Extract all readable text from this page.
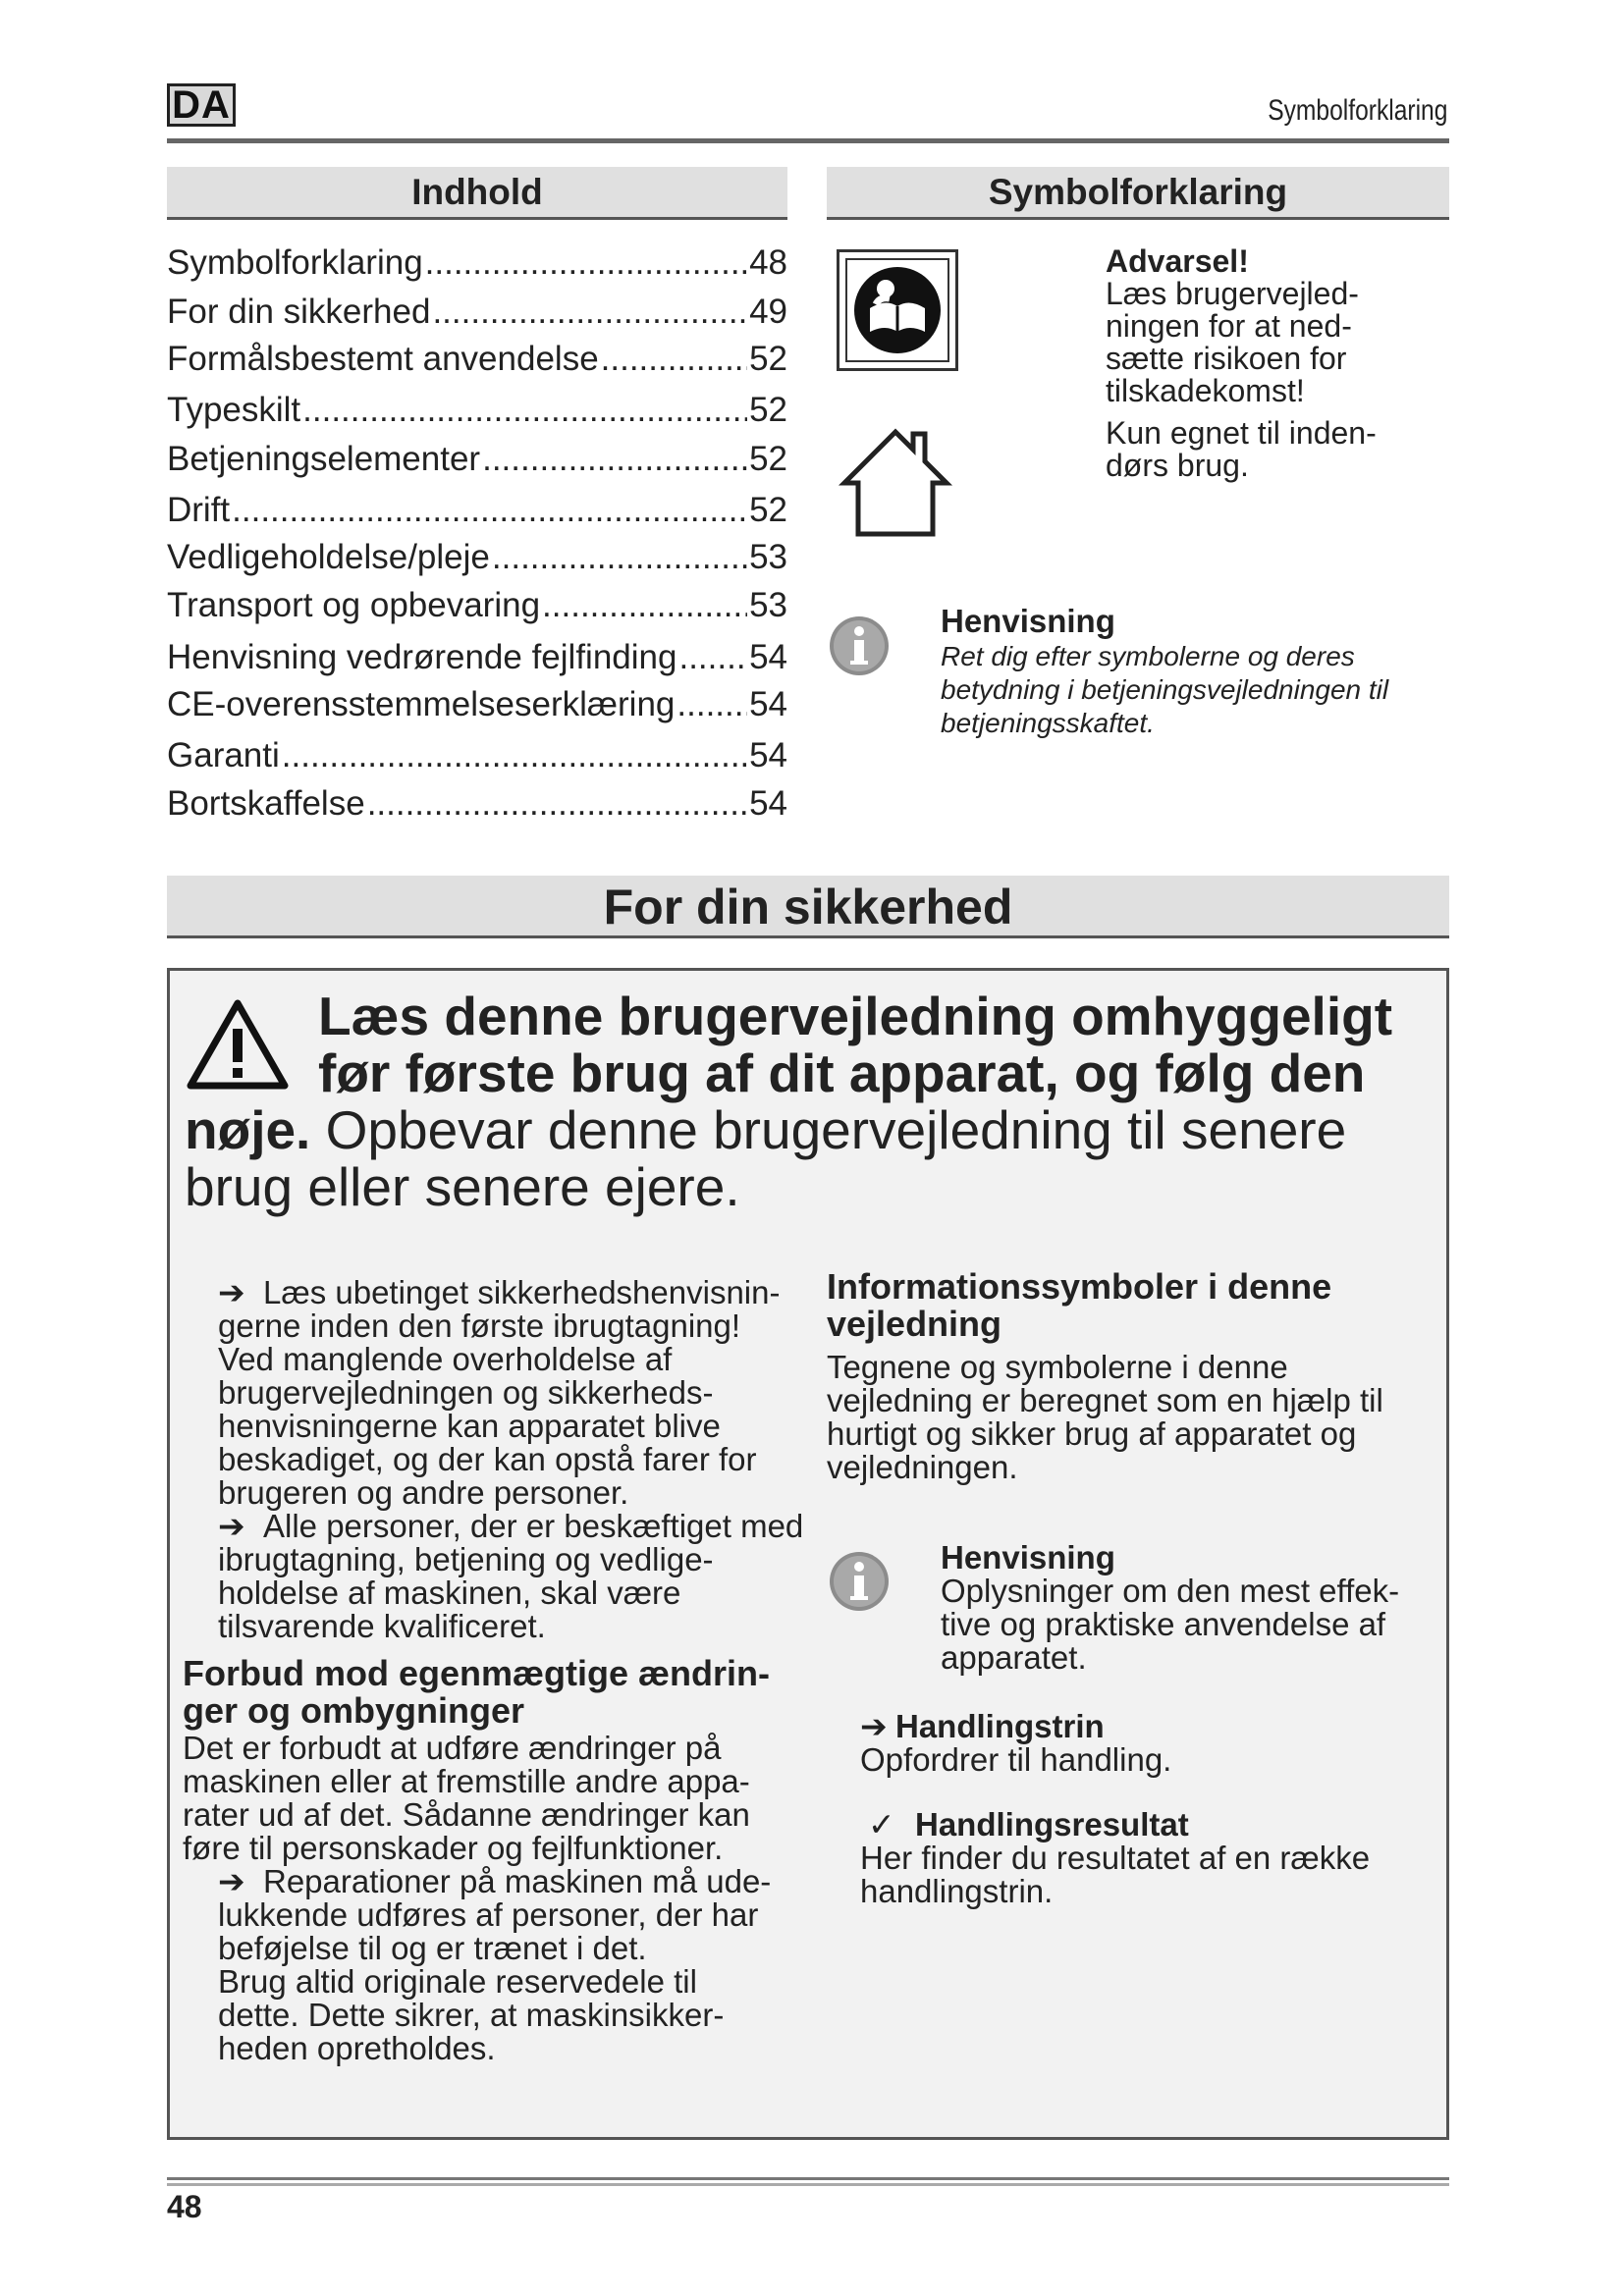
DA	Symbolforklaring
Indhold
Symbolforklaring .....	48
For din sikkerhed .....	49
Formålsbestemt anvendelse .....	52
Typeskilt .....	52
Betjeningselementer .....	52
Drift .....	52
Vedligeholdelse/pleje .....	53
Transport og opbevaring .....	53
Henvisning vedrørende fejlfinding ..... 54
CE-overensstemmelseserklæring ..... 54
Garanti .....	54
Bortskaffelse .....	54
Symbolforklaring
Advarsel!
Læs brugervejled-
ningen for at ned-
sætte risikoen for
tilskadekomst!
Kun egnet til inden-
dørs brug.
Henvisning
Ret dig efter symbolerne og deres
betydning i betjeningsvejledningen til
betjeningsskaftet.
For din sikkerhed
Læs denne brugervejledning omhyggeligt
før første brug af dit apparat, og følg den
nøje. Opbevar denne brugervejledning til senere
brug eller senere ejere.
➔ Læs ubetinget sikkerhedshenvisnin-
gerne inden den første ibrugtagning!
Ved manglende overholdelse af
brugervejledningen og sikkerheds-
henvisningerne kan apparatet blive
beskadiget, og der kan opstå farer for
brugeren og andre personer.
➔ Alle personer, der er beskæftiget med
ibrugtagning, betjening og vedlige-
holdelse af maskinen, skal være
tilsvarende kvalificeret.
Forbud mod egenmægtige ændrin-
ger og ombygninger
Det er forbudt at udføre ændringer på
maskinen eller at fremstille andre appa-
rater ud af det. Sådanne ændringer kan
føre til personskader og fejlfunktioner.
➔ Reparationer på maskinen må ude-
lukkende udføres af personer, der har
beføjelse til og er trænet i det.
Brug altid originale reservedele til
dette. Dette sikrer, at maskinsikker-
heden opretholdes.
Informationssymboler i denne
vejledning
Tegnene og symbolerne i denne
vejledning er beregnet som en hjælp til
hurtigt og sikker brug af apparatet og
vejledningen.
Henvisning
Oplysninger om den mest effek-
tive og praktiske anvendelse af
apparatet.
➔ Handlingstrin
Opfordrer til handling.
✓ Handlingsresultat
Her finder du resultatet af en række
handlingstrin.
48
